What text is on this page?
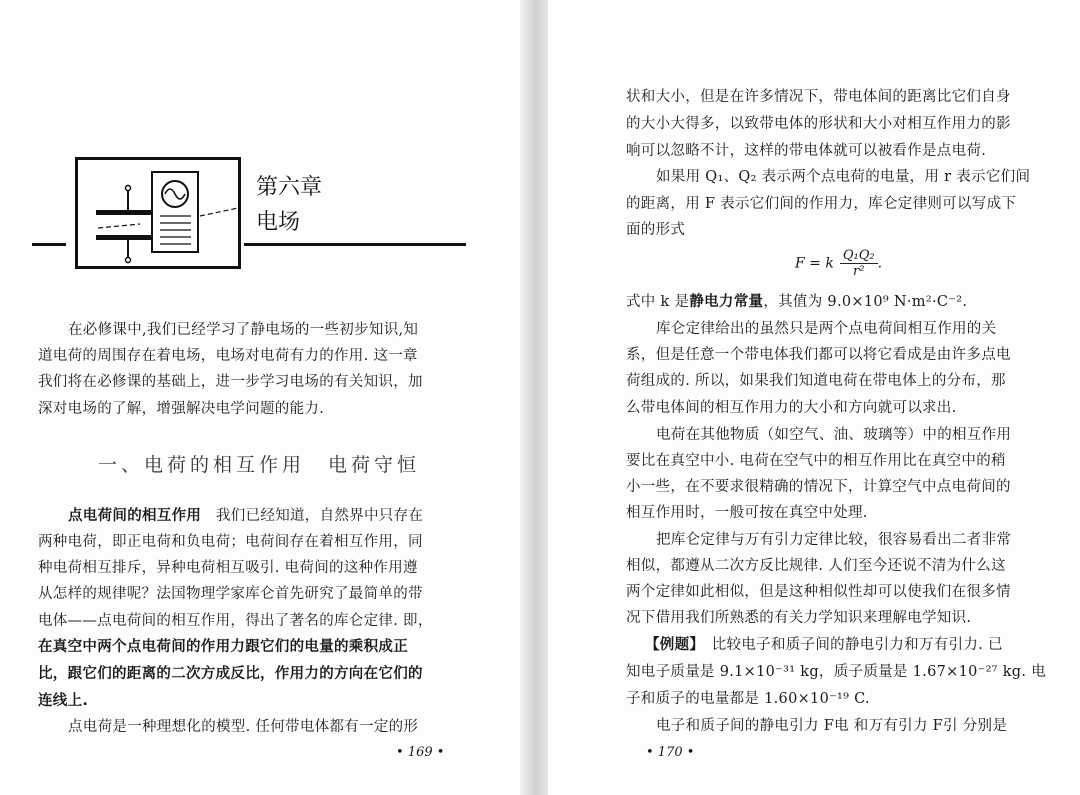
第六章
电场
在必修课中,我们已经学习了静电场的一些初步知识,知
道电荷的周围存在着电场，电场对电荷有力的作用. 这一章
我们将在必修课的基础上，进一步学习电场的有关知识，加
深对电场的了解，增强解决电学问题的能力.
一、电荷的相互作用　电荷守恒
点电荷间的相互作用　我们已经知道，自然界中只存在
两种电荷，即正电荷和负电荷；电荷间存在着相互作用，同
种电荷相互排斥，异种电荷相互吸引. 电荷间的这种作用遵
从怎样的规律呢？法国物理学家库仑首先研究了最简单的带
电体——点电荷间的相互作用，得出了著名的库仑定律. 即，
在真空中两个点电荷间的作用力跟它们的电量的乘积成正
比，跟它们的距离的二次方成反比，作用力的方向在它们的
连线上.
点电荷是一种理想化的模型. 任何带电体都有一定的形
• 169 •
状和大小，但是在许多情况下，带电体间的距离比它们自身
的大小大得多，以致带电体的形状和大小对相互作用力的影
响可以忽略不计，这样的带电体就可以被看作是点电荷.
如果用 Q₁、Q₂ 表示两个点电荷的电量，用 r 表示它们间
的距离，用 F 表示它们间的作用力，库仑定律则可以写成下
面的形式
F = k $\frac{\text{Q₁Q₂}}{\text{r²}}$ .
式中 k 是静电力常量，其值为 9.0×10⁹ N·m²·C⁻².
库仑定律给出的虽然只是两个点电荷间相互作用的关
系，但是任意一个带电体我们都可以将它看成是由许多点电
荷组成的. 所以，如果我们知道电荷在带电体上的分布，那
么带电体间的相互作用力的大小和方向就可以求出.
电荷在其他物质（如空气、油、玻璃等）中的相互作用
要比在真空中小. 电荷在空气中的相互作用比在真空中的稍
小一些，在不要求很精确的情况下，计算空气中点电荷间的
相互作用时，一般可按在真空中处理.
把库仑定律与万有引力定律比较，很容易看出二者非常
相似，都遵从二次方反比规律. 人们至今还说不清为什么这
两个定律如此相似，但是这种相似性却可以使我们在很多情
况下借用我们所熟悉的有关力学知识来理解电学知识.
【例题】　比较电子和质子间的静电引力和万有引力. 已
知电子质量是 9.1×10⁻³¹ kg，质子质量是 1.67×10⁻²⁷ kg. 电
子和质子的电量都是 1.60×10⁻¹⁹ C.
电子和质子间的静电引力 F电 和万有引力 F引 分别是
• 170 •
